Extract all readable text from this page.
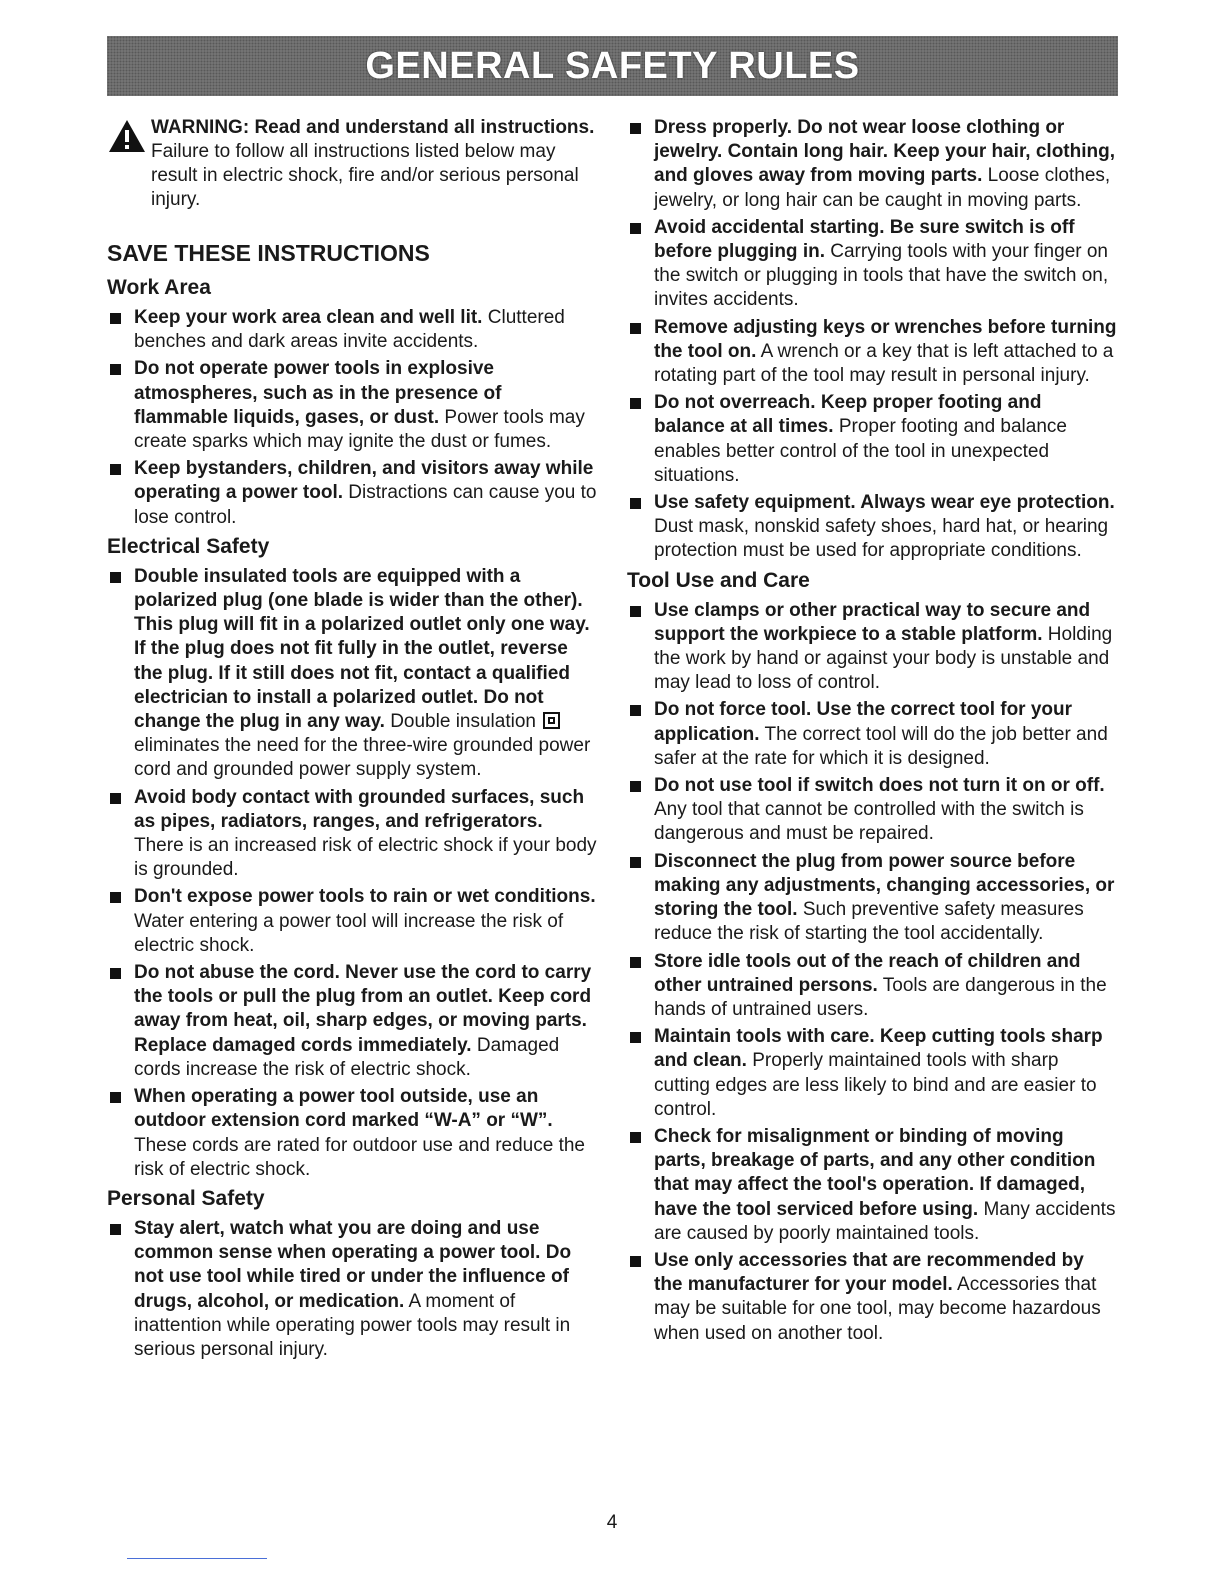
GENERAL SAFETY RULES
WARNING: Read and understand all instructions. Failure to follow all instructions listed below may result in electric shock, fire and/or serious personal injury.
SAVE THESE INSTRUCTIONS
Work Area
Keep your work area clean and well lit. Cluttered benches and dark areas invite accidents.
Do not operate power tools in explosive atmospheres, such as in the presence of flammable liquids, gases, or dust. Power tools may create sparks which may ignite the dust or fumes.
Keep bystanders, children, and visitors away while operating a power tool. Distractions can cause you to lose control.
Electrical Safety
Double insulated tools are equipped with a polarized plug (one blade is wider than the other). This plug will fit in a polarized outlet only one way. If the plug does not fit fully in the outlet, reverse the plug. If it still does not fit, contact a qualified electrician to install a polarized outlet. Do not change the plug in any way. Double insulation  eliminates the need for the three-wire grounded power cord and grounded power supply system.
Avoid body contact with grounded surfaces, such as pipes, radiators, ranges, and refrigerators. There is an increased risk of electric shock if your body is grounded.
Don't expose power tools to rain or wet conditions. Water entering a power tool will increase the risk of electric shock.
Do not abuse the cord. Never use the cord to carry the tools or pull the plug from an outlet. Keep cord away from heat, oil, sharp edges, or moving parts. Replace damaged cords immediately. Damaged cords increase the risk of electric shock.
When operating a power tool outside, use an outdoor extension cord marked “W-A” or “W”. These cords are rated for outdoor use and reduce the risk of electric shock.
Personal Safety
Stay alert, watch what you are doing and use common sense when operating a power tool. Do not use tool while tired or under the influence of drugs, alcohol, or medication. A moment of inattention while operating power tools may result in serious personal injury.
Dress properly. Do not wear loose clothing or jewelry. Contain long hair. Keep your hair, clothing, and gloves away from moving parts. Loose clothes, jewelry, or long hair can be caught in moving parts.
Avoid accidental starting. Be sure switch is off before plugging in. Carrying tools with your finger on the switch or plugging in tools that have the switch on, invites accidents.
Remove adjusting keys or wrenches before turning the tool on. A wrench or a key that is left attached to a rotating part of the tool may result in personal injury.
Do not overreach. Keep proper footing and balance at all times. Proper footing and balance enables better control of the tool in unexpected situations.
Use safety equipment. Always wear eye protection. Dust mask, nonskid safety shoes, hard hat, or hearing protection must be used for appropriate conditions.
Tool Use and Care
Use clamps or other practical way to secure and support the workpiece to a stable platform. Holding the work by hand or against your body is unstable and may lead to loss of control.
Do not force tool. Use the correct tool for your application. The correct tool will do the job better and safer at the rate for which it is designed.
Do not use tool if switch does not turn it on or off. Any tool that cannot be controlled with the switch is dangerous and must be repaired.
Disconnect the plug from power source before making any adjustments, changing accessories, or storing the tool. Such preventive safety measures reduce the risk of starting the tool accidentally.
Store idle tools out of the reach of children and other untrained persons. Tools are dangerous in the hands of untrained users.
Maintain tools with care. Keep cutting tools sharp and clean. Properly maintained tools with sharp cutting edges are less likely to bind and are easier to control.
Check for misalignment or binding of moving parts, breakage of parts, and any other condition that may affect the tool's operation. If damaged, have the tool serviced before using. Many accidents are caused by poorly maintained tools.
Use only accessories that are recommended by the manufacturer for your model. Accessories that may be suitable for one tool, may become hazardous when used on another tool.
4
